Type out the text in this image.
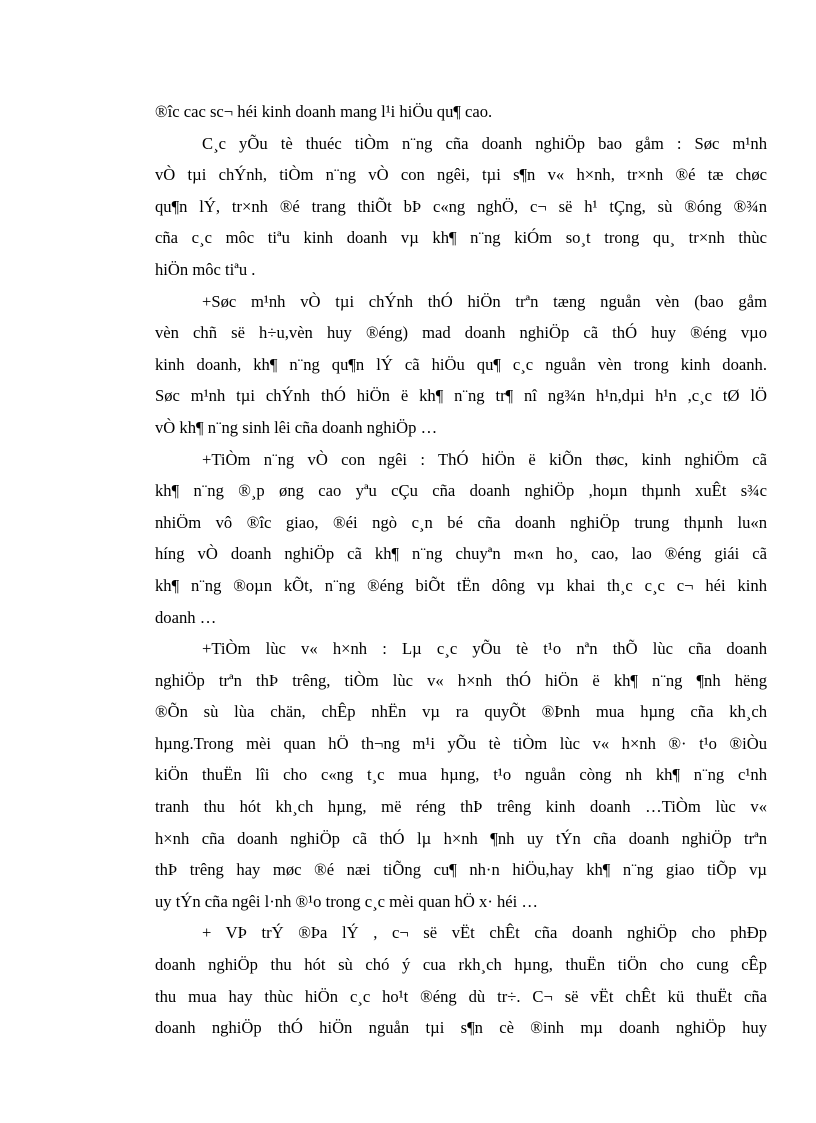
®îc cac sc¬ héi kinh doanh mang l¹i hiÖu qu¶ cao.
C¸c yÕu tè thuéc tiÒm n¨ng cña doanh nghiÖp bao gåm : Søc m¹nh
vÒ tµi chÝnh, tiÒm n¨ng vÒ con ngêi, tµi s¶n v« h×nh, tr×nh ®é tæ chøc
qu¶n lÝ, tr×nh ®é trang thiÕt bÞ c«ng nghÖ, c¬ së h¹ tÇng, sù ®óng ®¾n
cña c¸c môc tiªu kinh doanh vµ kh¶ n¨ng kiÓm so¸t trong qu¸ tr×nh thùc
hiÖn môc tiªu .
+Søc m¹nh vÒ tµi chÝnh thÓ hiÖn trªn tæng nguån vèn (bao gåm
vèn chñ së h÷u,vèn huy ®éng) mad doanh nghiÖp cã thÓ huy ®éng vµo
kinh doanh, kh¶ n¨ng qu¶n lÝ cã hiÖu qu¶ c¸c nguån vèn trong kinh doanh.
Søc m¹nh tµi chÝnh thÓ hiÖn ë kh¶ n¨ng tr¶ nî ng¾n h¹n,dµi h¹n ,c¸c tØ lÖ
vÒ kh¶ n¨ng sinh lêi cña doanh nghiÖp …
+TiÒm n¨ng vÒ con ngêi : ThÓ hiÖn ë kiÕn thøc, kinh nghiÖm cã
kh¶ n¨ng ®¸p øng cao yªu cÇu cña doanh nghiÖp ,hoµn thµnh xuÊt s¾c
nhiÖm vô ®îc giao, ®éi ngò c¸n bé cña doanh nghiÖp trung thµnh lu«n
híng vÒ doanh nghiÖp cã kh¶ n¨ng chuyªn m«n ho¸ cao, lao ®éng giái cã
kh¶ n¨ng ®oµn kÕt, n¨ng ®éng biÕt tËn dông vµ khai th¸c c¸c c¬ héi kinh
doanh …
+TiÒm lùc v« h×nh : Lµ c¸c yÕu tè t¹o nªn thÕ lùc cña doanh
nghiÖp trªn thÞ trêng, tiÒm lùc v« h×nh thÓ hiÖn ë kh¶ n¨ng ¶nh hëng
®Õn sù lùa chän, chÊp nhËn vµ ra quyÕt ®Þnh mua hµng cña kh¸ch
hµng.Trong mèi quan hÖ th¬ng m¹i yÕu tè tiÒm lùc v« h×nh ®· t¹o ®iÒu
kiÖn thuËn lîi cho c«ng t¸c mua hµng, t¹o nguån còng nh kh¶ n¨ng c¹nh
tranh thu hót kh¸ch hµng, më réng thÞ trêng kinh doanh …TiÒm lùc v«
h×nh cña doanh nghiÖp cã thÓ lµ h×nh ¶nh uy tÝn cña doanh nghiÖp trªn
thÞ trêng hay møc ®é næi tiÕng cu¶ nh·n hiÖu,hay kh¶ n¨ng giao tiÕp vµ
uy tÝn cña ngêi l·nh ®¹o trong c¸c mèi quan hÖ x· héi …
+ VÞ trÝ ®Þa lÝ , c¬ së vËt chÊt cña doanh nghiÖp cho phÐp
doanh nghiÖp thu hót sù chó ý cua rkh¸ch hµng, thuËn tiÖn cho cung cÊp
thu mua hay thùc hiÖn c¸c ho¹t ®éng dù tr÷. C¬ së vËt chÊt kü thuËt cña
doanh nghiÖp thÓ hiÖn nguån tµi s¶n cè ®inh mµ doanh nghiÖp huy
